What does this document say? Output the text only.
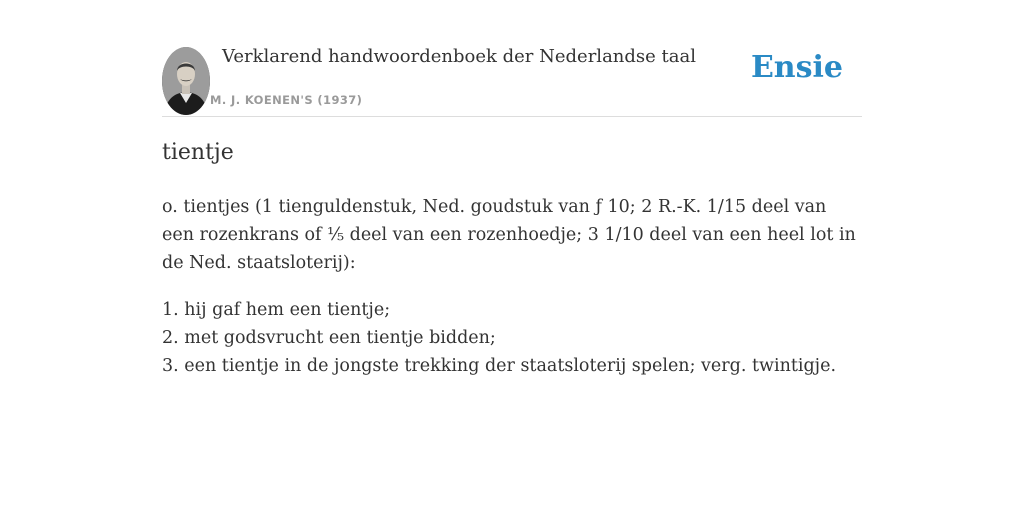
Verklarend handwoordenboek der Nederlandse taal
M. J. KOENEN'S (1937)
Ensie
tientje
o. tientjes (1 tienguldenstuk, Ned. goudstuk van ƒ 10; 2 R.-K. 1/15 deel van een rozenkrans of ⅕ deel van een rozenhoedje; 3 1/10 deel van een heel lot in de Ned. staatsloterij):
1. hij gaf hem een tientje;
2. met godsvrucht een tientje bidden;
3. een tientje in de jongste trekking der staatsloterij spelen; verg. twintigje.
